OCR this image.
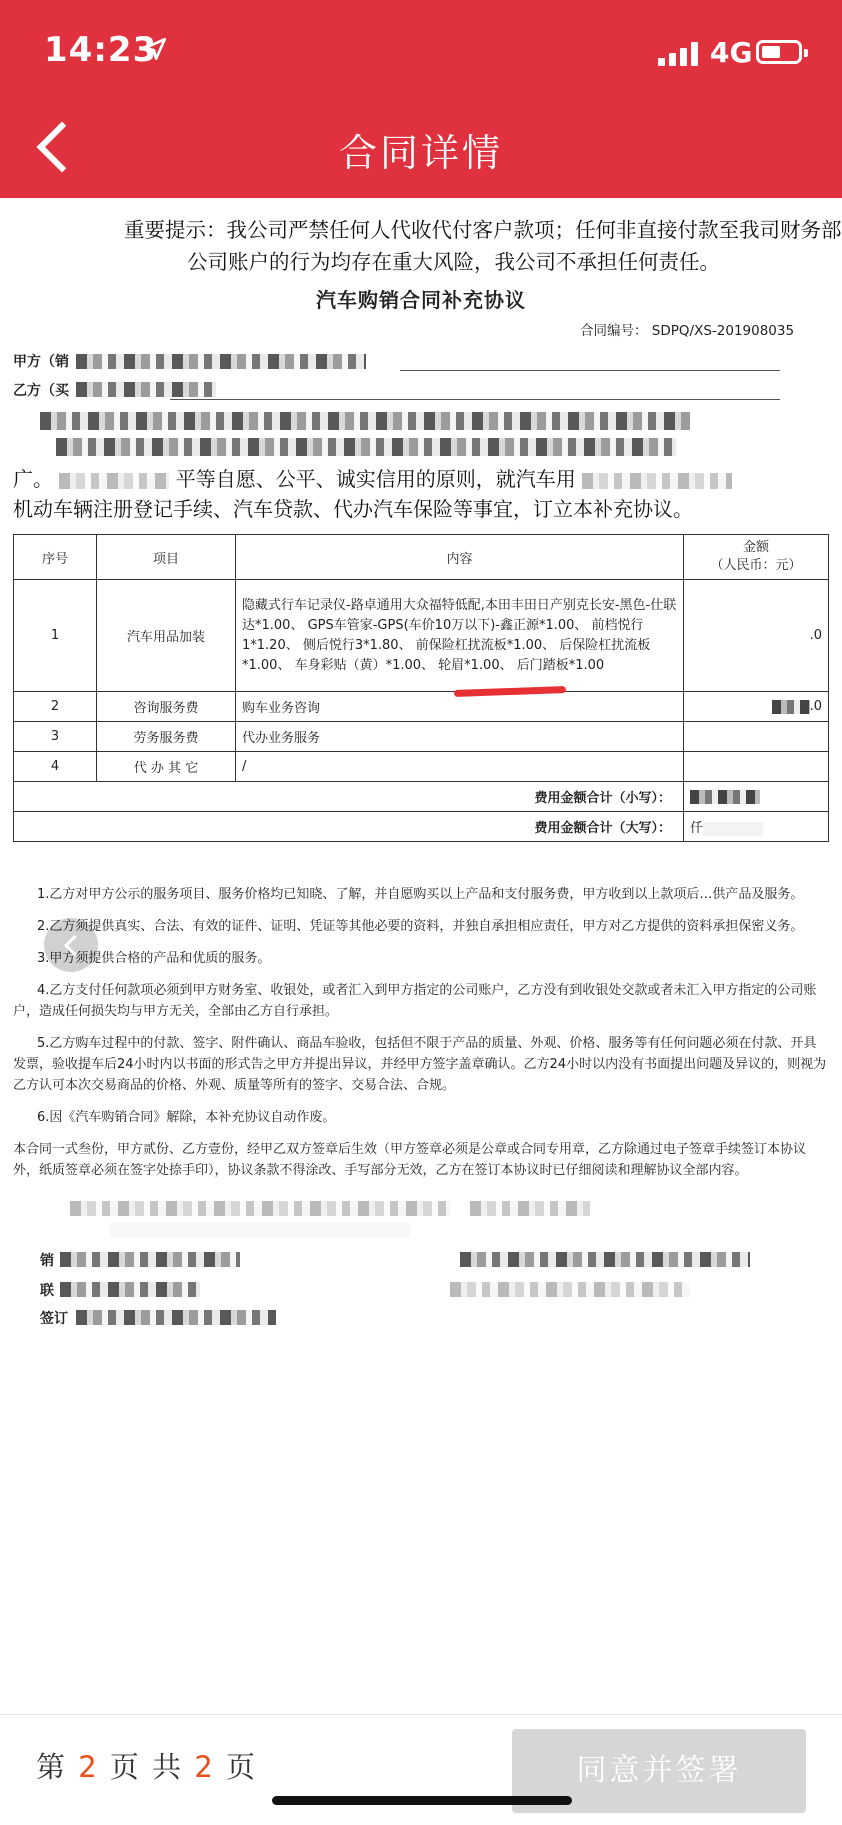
14:23	4G
合同详情
重要提示：我公司严禁任何人代收代付客户款项；任何非直接付款至我司财务部
公司账户的行为均存在重大风险，我公司不承担任何责任。
汽车购销合同补充协议
合同编号： SDPQ/XS-201908035
甲方（销
乙方（买
广。	平等自愿、公平、诚实信用的原则，就汽车用
机动车辆注册登记手续、汽车贷款、代办汽车保险等事宜，订立本补充协议。
序号	项目	内容	金额
（人民币：元）
1	汽车用品加装	隐藏式行车记录仪-路卓通用大众福特低配,本田丰田日产别克长安-黑色-仕联达*1.00、 GPS车管家-GPS(车价10万以下)-鑫正源*1.00、 前档悦行1*1.20、 侧后悦行3*1.80、 前保险杠扰流板*1.00、 后保险杠扰流板*1.00、 车身彩贴（黄）*1.00、 轮眉*1.00、 后门踏板*1.00	.0
2	咨询服务费	购车业务咨询	.0
3	劳务服务费	代办业务服务	
4	代 办 其 它	/	
费用金额合计（小写）：			
费用金额合计（大写）：			仟

1.乙方对甲方公示的服务项目、服务价格均已知晓、了解，并自愿购买以上产品和支付服务费，甲方收到以上款项后…供产品及服务。

2.乙方须提供真实、合法、有效的证件、证明、凭证等其他必要的资料，并独自承担相应责任，甲方对乙方提供的资料承担保密义务。

3.甲方须提供合格的产品和优质的服务。

4.乙方支付任何款项必须到甲方财务室、收银处，或者汇入到甲方指定的公司账户，乙方没有到收银处交款或者未汇入甲方指定的公司账户，造成任何损失均与甲方无关，全部由乙方自行承担。

5.乙方购车过程中的付款、签字、附件确认、商品车验收，包括但不限于产品的质量、外观、价格、服务等有任何问题必须在付款、开具发票，验收提车后24小时内以书面的形式告之甲方并提出异议，并经甲方签字盖章确认。乙方24小时以内没有书面提出问题及异议的，则视为乙方认可本次交易商品的价格、外观、质量等所有的签字、交易合法、合规。

6.因《汽车购销合同》解除，本补充协议自动作废。

本合同一式叁份，甲方贰份、乙方壹份，经甲乙双方签章后生效（甲方签章必须是公章或合同专用章，乙方除通过电子签章手续签订本协议外，纸质签章必须在签字处捺手印），协议条款不得涂改、手写部分无效，乙方在签订本协议时已仔细阅读和理解协议全部内容。

销
联
签订
第 2 页 共 2 页	同意并签署
